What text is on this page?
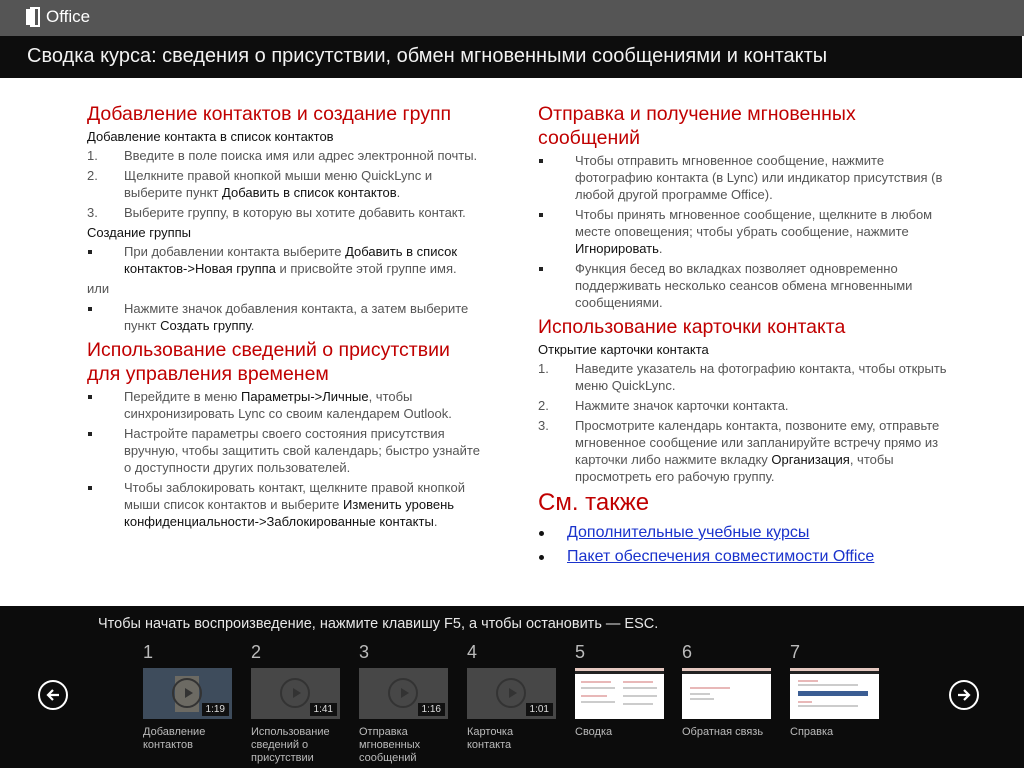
Office
Сводка курса: сведения о присутствии, обмен мгновенными сообщениями и контакты
Добавление контактов и создание групп
Добавление контакта в список контактов
1. Введите в поле поиска имя или адрес электронной почты.
2. Щелкните правой кнопкой мыши меню QuickLync и выберите пункт Добавить в список контактов.
3. Выберите группу, в которую вы хотите добавить контакт.
Создание группы
При добавлении контакта выберите Добавить в список контактов->Новая группа и присвойте этой группе имя.
или
Нажмите значок добавления контакта, а затем выберите пункт Создать группу.
Использование сведений о присутствии для управления временем
Перейдите в меню Параметры->Личные, чтобы синхронизировать Lync со своим календарем Outlook.
Настройте параметры своего состояния присутствия вручную, чтобы защитить свой календарь; быстро узнайте о доступности других пользователей.
Чтобы заблокировать контакт, щелкните правой кнопкой мыши список контактов и выберите Изменить уровень конфиденциальности->Заблокированные контакты.
Отправка и получение мгновенных сообщений
Чтобы отправить мгновенное сообщение, нажмите фотографию контакта (в Lync) или индикатор присутствия (в любой другой программе Office).
Чтобы принять мгновенное сообщение, щелкните в любом месте оповещения; чтобы убрать сообщение, нажмите Игнорировать.
Функция бесед во вкладках позволяет одновременно поддерживать несколько сеансов обмена мгновенными сообщениями.
Использование карточки контакта
Открытие карточки контакта
1. Наведите указатель на фотографию контакта, чтобы открыть меню QuickLync.
2. Нажмите значок карточки контакта.
3. Просмотрите календарь контакта, позвоните ему, отправьте мгновенное сообщение или запланируйте встречу прямо из карточки либо нажмите вкладку Организация, чтобы просмотреть его рабочую группу.
См. также
Дополнительные учебные курсы
Пакет обеспечения совместимости Office
Чтобы начать воспроизведение, нажмите клавишу F5, а чтобы остановить — ESC.
1
1:19
Добавление контактов
2
1:41
Использование сведений о присутствии
3
1:16
Отправка мгновенных сообщений
4
1:01
Карточка контакта
5
Сводка
6
Обратная связь
7
Справка
